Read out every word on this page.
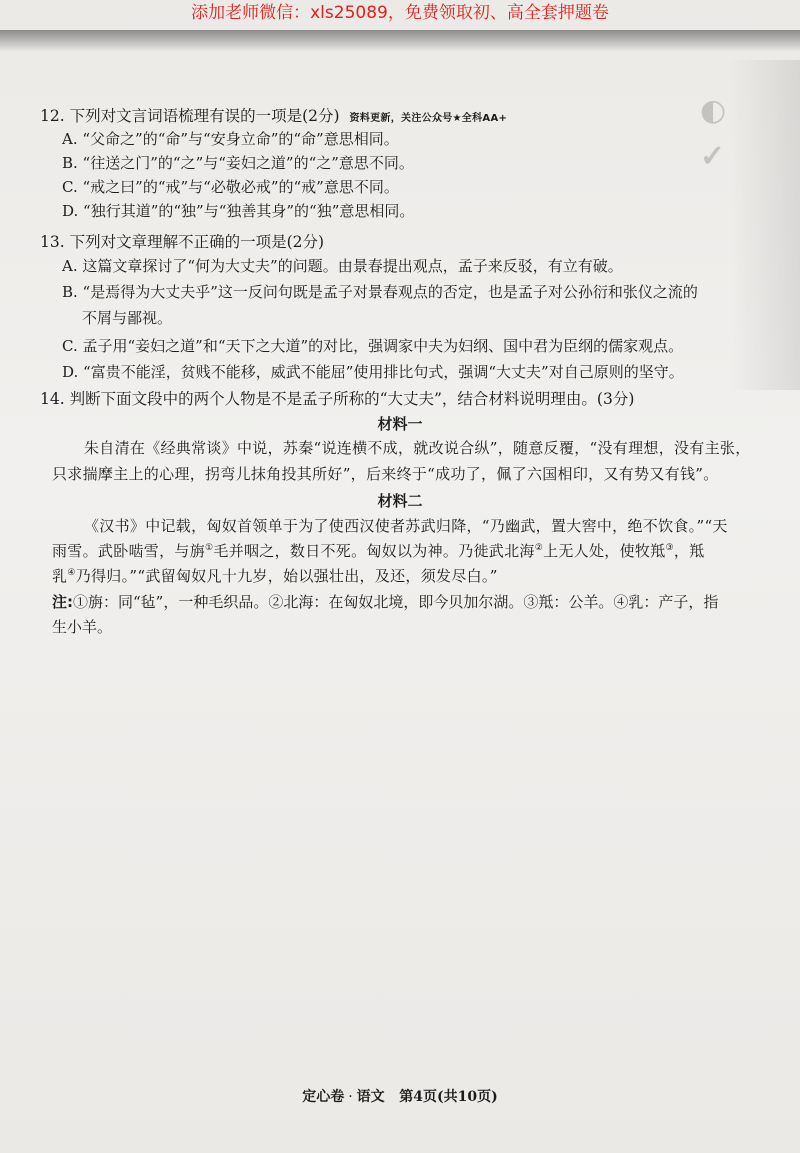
添加老师微信：xls25089，免费领取初、高全套押题卷
◐
✓
12. 下列对文言词语梳理有误的一项是(2分) 资料更新，关注公众号★全科AA+
A. “父命之”的“命”与“安身立命”的“命”意思相同。
B. “往送之门”的“之”与“妾妇之道”的“之”意思不同。
C. “戒之曰”的“戒”与“必敬必戒”的“戒”意思不同。
D. “独行其道”的“独”与“独善其身”的“独”意思相同。
13. 下列对文章理解不正确的一项是(2分)
A. 这篇文章探讨了“何为大丈夫”的问题。由景春提出观点，孟子来反驳，有立有破。
B. “是焉得为大丈夫乎”这一反问句既是孟子对景春观点的否定，也是孟子对公孙衍和张仪之流的
不屑与鄙视。
C. 孟子用“妾妇之道”和“天下之大道”的对比，强调家中夫为妇纲、国中君为臣纲的儒家观点。
D. “富贵不能淫，贫贱不能移，威武不能屈”使用排比句式，强调“大丈夫”对自己原则的坚守。
14. 判断下面文段中的两个人物是不是孟子所称的“大丈夫”，结合材料说明理由。(3分)
材料一
朱自清在《经典常谈》中说，苏秦“说连横不成，就改说合纵”，随意反覆，“没有理想，没有主张，
只求揣摩主上的心理，拐弯儿抹角投其所好”，后来终于“成功了，佩了六国相印，又有势又有钱”。
材料二
《汉书》中记载，匈奴首领单于为了使西汉使者苏武归降，“乃幽武，置大窖中，绝不饮食。”“天
雨雪。武卧啮雪，与旃①毛并咽之，数日不死。匈奴以为神。乃徙武北海②上无人处，使牧羝③，羝
乳④乃得归。”“武留匈奴凡十九岁，始以强壮出，及还，须发尽白。”
注:①旃：同“毡”，一种毛织品。②北海：在匈奴北境，即今贝加尔湖。③羝：公羊。④乳：产子，指
生小羊。
定心卷 · 语文 第4页(共10页)
